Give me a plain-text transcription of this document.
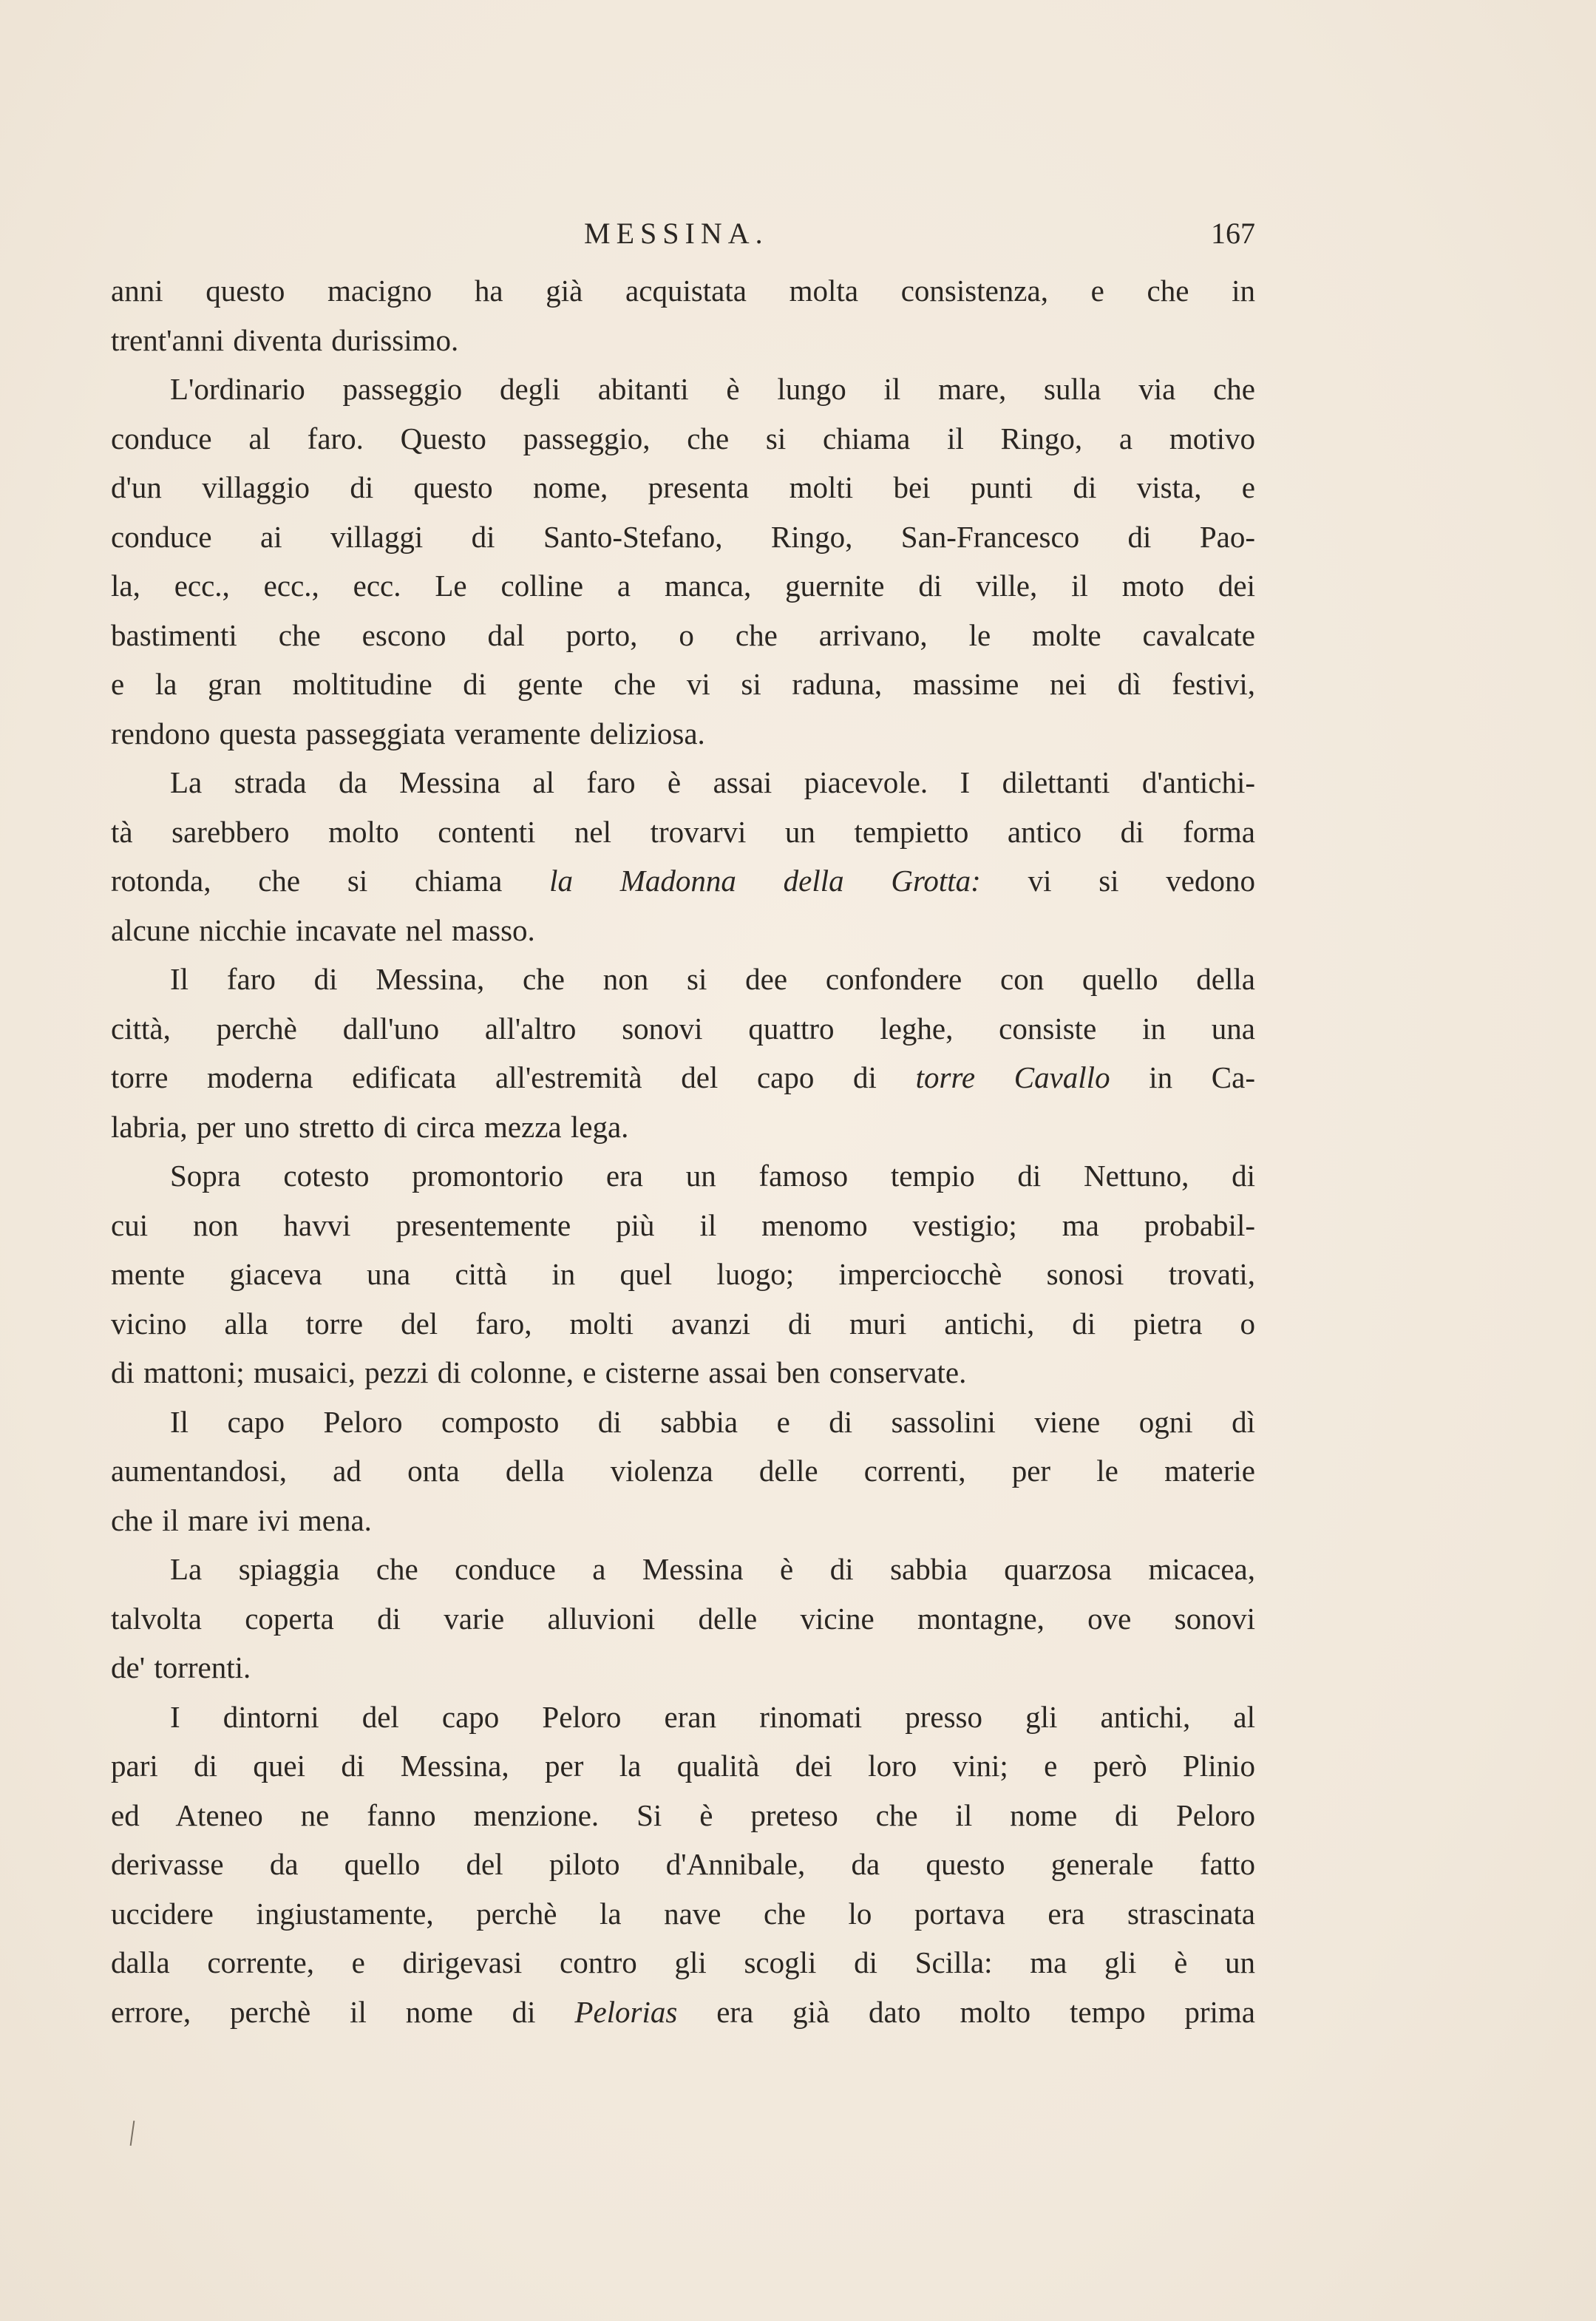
MESSINA.	167
anni questo macigno ha già acquistata molta consistenza, e che in
trent'anni diventa durissimo.
L'ordinario passeggio degli abitanti è lungo il mare, sulla via che
conduce al faro. Questo passeggio, che si chiama il Ringo, a motivo
d'un villaggio di questo nome, presenta molti bei punti di vista, e
conduce ai villaggi di Santo-Stefano, Ringo, San-Francesco di Pao-
la, ecc., ecc., ecc. Le colline a manca, guernite di ville, il moto dei
bastimenti che escono dal porto, o che arrivano, le molte cavalcate
e la gran moltitudine di gente che vi si raduna, massime nei dì festivi,
rendono questa passeggiata veramente deliziosa.
La strada da Messina al faro è assai piacevole. I dilettanti d'antichi-
tà sarebbero molto contenti nel trovarvi un tempietto antico di forma
rotonda, che si chiama la Madonna della Grotta: vi si vedono
alcune nicchie incavate nel masso.
Il faro di Messina, che non si dee confondere con quello della
città, perchè dall'uno all'altro sonovi quattro leghe, consiste in una
torre moderna edificata all'estremità del capo di torre Cavallo in Ca-
labria, per uno stretto di circa mezza lega.
Sopra cotesto promontorio era un famoso tempio di Nettuno, di
cui non havvi presentemente più il menomo vestigio; ma probabil-
mente giaceva una città in quel luogo; imperciocchè sonosi trovati,
vicino alla torre del faro, molti avanzi di muri antichi, di pietra o
di mattoni; musaici, pezzi di colonne, e cisterne assai ben conservate.
Il capo Peloro composto di sabbia e di sassolini viene ogni dì
aumentandosi, ad onta della violenza delle correnti, per le materie
che il mare ivi mena.
La spiaggia che conduce a Messina è di sabbia quarzosa micacea,
talvolta coperta di varie alluvioni delle vicine montagne, ove sonovi
de' torrenti.
I dintorni del capo Peloro eran rinomati presso gli antichi, al
pari di quei di Messina, per la qualità dei loro vini; e però Plinio
ed Ateneo ne fanno menzione. Si è preteso che il nome di Peloro
derivasse da quello del piloto d'Annibale, da questo generale fatto
uccidere ingiustamente, perchè la nave che lo portava era strascinata
dalla corrente, e dirigevasi contro gli scogli di Scilla: ma gli è un
errore, perchè il nome di Pelorias era già dato molto tempo prima
